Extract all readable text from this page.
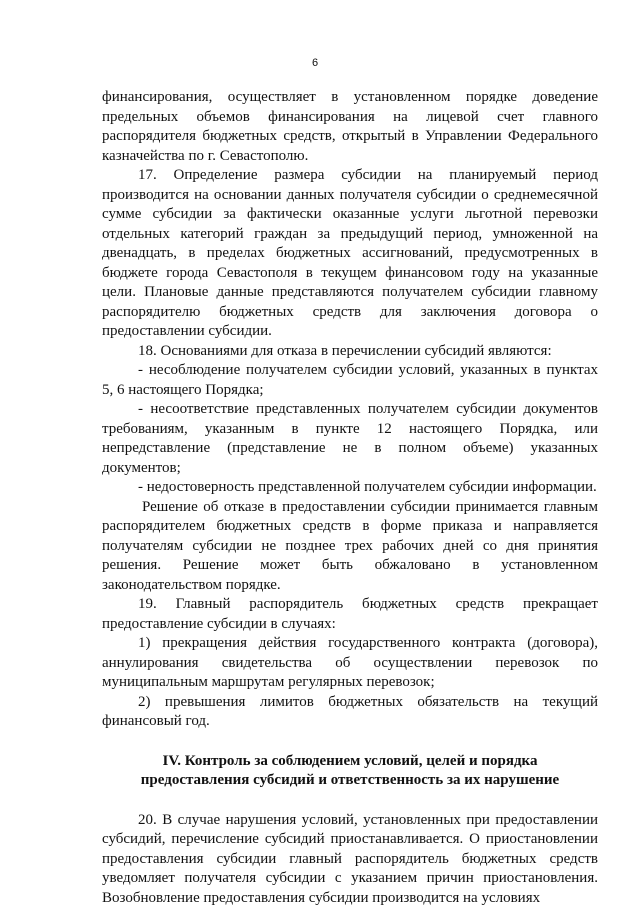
6

финансирования, осуществляет в установленном порядке доведение предельных объемов финансирования на лицевой счет главного распорядителя бюджетных средств, открытый в Управлении Федерального казначейства по г. Севастополю.

17. Определение размера субсидии на планируемый период производится на основании данных получателя субсидии о среднемесячной сумме субсидии за фактически оказанные услуги льготной перевозки отдельных категорий граждан за предыдущий период, умноженной на двенадцать, в пределах бюджетных ассигнований, предусмотренных в бюджете города Севастополя в текущем финансовом году на указанные цели. Плановые данные представляются получателем субсидии главному распорядителю бюджетных средств для заключения договора о предоставлении субсидии.

18. Основаниями для отказа в перечислении субсидий являются:

- несоблюдение получателем субсидии условий, указанных в пунктах 5, 6 настоящего Порядка;

- несоответствие представленных получателем субсидии документов требованиям, указанным в пункте 12 настоящего Порядка, или непредставление (представление не в полном объеме) указанных документов;

- недостоверность представленной получателем субсидии информации.

Решение об отказе в предоставлении субсидии принимается главным распорядителем бюджетных средств в форме приказа и направляется получателям субсидии не позднее трех рабочих дней со дня принятия решения. Решение может быть обжаловано в установленном законодательством порядке.

19. Главный распорядитель бюджетных средств прекращает предоставление субсидии в случаях:

1) прекращения действия государственного контракта (договора), аннулирования свидетельства об осуществлении перевозок по муниципальным маршрутам регулярных перевозок;

2) превышения лимитов бюджетных обязательств на текущий финансовый год.

IV. Контроль за соблюдением условий, целей и порядка
предоставления субсидий и ответственность за их нарушение

20. В случае нарушения условий, установленных при предоставлении субсидий, перечисление субсидий приостанавливается. О приостановлении предоставления субсидии главный распорядитель бюджетных средств уведомляет получателя субсидии с указанием причин приостановления. Возобновление предоставления субсидии производится на условиях
